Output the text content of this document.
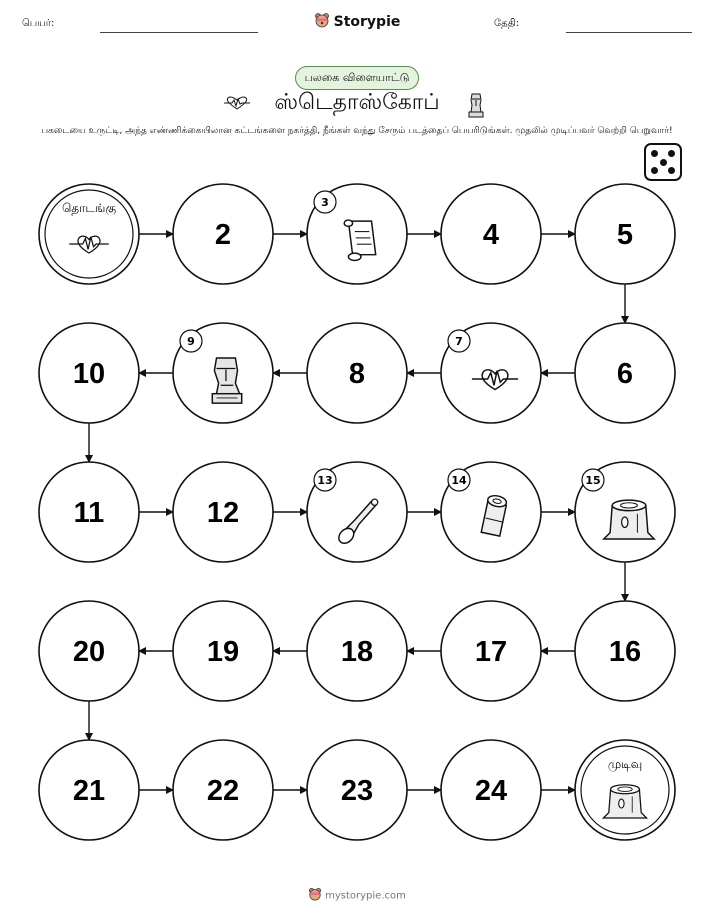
பெயர்:	Storypie	தேதி:
பலகை விளையாட்டு
ஸ்டெதாஸ்கோப்
பகடையை உருட்டி, அந்த எண்ணிக்கையிலான கட்டங்களை நகர்த்தி, நீங்கள் வந்து சேரும் படத்தைப் பெயரிடுங்கள். முதலில் முடிப்பவர் வெற்றி பெறுவார்!
தொடங்கு
2
3
4	5
10
9
8
7
6
11	12
13	14	15
20	19	18	17	16
21	22	23	24
முடிவு
mystorypie.com
